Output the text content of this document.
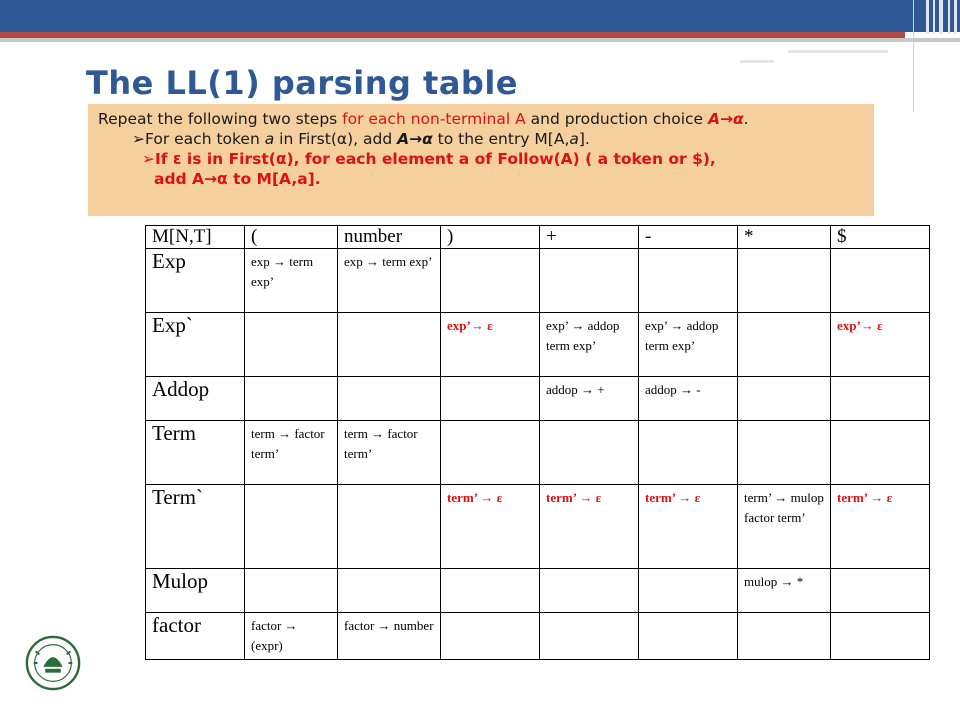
The LL(1) parsing table
Repeat the following two steps for each non-terminal A and production choice A→α.
➢For each token a in First(α), add A→α to the entry M[A,a].
➢If ε is in First(α), for each element a of Follow(A) ( a token or $),
add A→α to M[A,a].
M[N,T]	(	number	)	+	-	*	$
Exp	exp → term exp’	exp → term exp’					
Exp`			exp’→ ε	exp’ → addop term exp’	exp’ → addop term exp’		exp’→ ε
Addop				addop → +	addop → -		
Term	term → factor term’	term → factor term’					
Term`			term’ → ε	term’ → ε	term’ → ε	term’ → mulop factor term’	term’ → ε
Mulop						mulop → *	
factor	factor → (expr)	factor → number					
